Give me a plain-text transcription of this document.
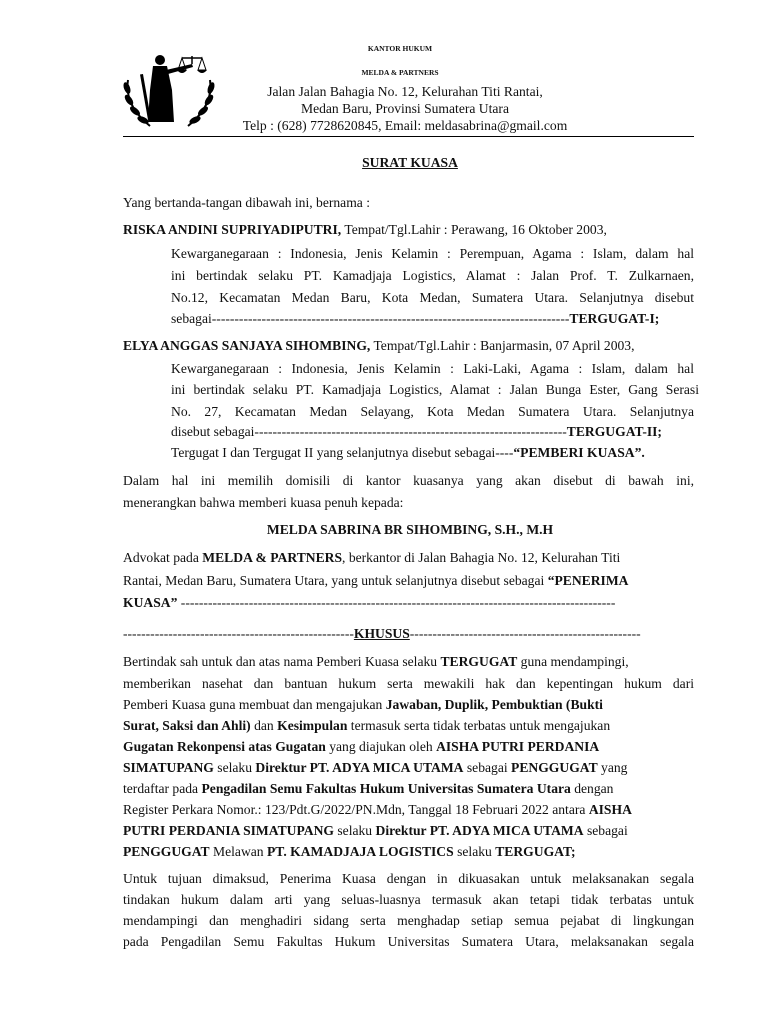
KANTOR HUKUM
MELDA & PARTNERS
Jalan Jalan Bahagia No. 12, Kelurahan Titi Rantai,
Medan Baru, Provinsi Sumatera Utara
Telp : (628) 7728620845, Email: meldasabrina@gmail.com
SURAT KUASA
Yang bertanda-tangan dibawah ini, bernama :
RISKA ANDINI SUPRIYADIPUTRI, Tempat/Tgl.Lahir : Perawang, 16 Oktober 2003,
Kewarganegaraan : Indonesia, Jenis Kelamin : Perempuan, Agama : Islam, dalam hal
ini bertindak selaku PT. Kamadjaja Logistics, Alamat : Jalan Prof. T. Zulkarnaen,
No.12, Kecamatan Medan Baru, Kota Medan, Sumatera Utara. Selanjutnya disebut
sebagai-------------------------------------------------------------------------------TERGUGAT-I;
ELYA ANGGAS SANJAYA SIHOMBING, Tempat/Tgl.Lahir : Banjarmasin, 07 April 2003,
Kewarganegaraan : Indonesia, Jenis Kelamin : Laki-Laki, Agama : Islam, dalam hal
ini bertindak selaku PT. Kamadjaja Logistics, Alamat : Jalan Bunga Ester, Gang Serasi
No. 27, Kecamatan Medan Selayang, Kota Medan Sumatera Utara. Selanjutnya
disebut sebagai---------------------------------------------------------------------TERGUGAT-II;
Tergugat I dan Tergugat II yang selanjutnya disebut sebagai----“PEMBERI KUASA”.
Dalam hal ini memilih domisili di kantor kuasanya yang akan disebut di bawah ini,
menerangkan bahwa memberi kuasa penuh kepada:
MELDA SABRINA BR SIHOMBING, S.H., M.H
Advokat pada MELDA & PARTNERS, berkantor di Jalan Bahagia No. 12, Kelurahan Titi
Rantai, Medan Baru, Sumatera Utara, yang untuk selanjutnya disebut sebagai “PENERIMA
KUASA” ------------------------------------------------------------------------------------------------
---------------------------------------------------KHUSUS---------------------------------------------------
Bertindak sah untuk dan atas nama Pemberi Kuasa selaku TERGUGAT guna mendampingi,
memberikan nasehat dan bantuan hukum serta mewakili hak dan kepentingan hukum dari
Pemberi Kuasa guna membuat dan mengajukan Jawaban, Duplik, Pembuktian (Bukti
Surat, Saksi dan Ahli) dan Kesimpulan termasuk serta tidak terbatas untuk mengajukan
Gugatan Rekonpensi atas Gugatan yang diajukan oleh AISHA PUTRI PERDANIA
SIMATUPANG selaku Direktur PT. ADYA MICA UTAMA sebagai PENGGUGAT yang
terdaftar pada Pengadilan Semu Fakultas Hukum Universitas Sumatera Utara dengan
Register Perkara Nomor.: 123/Pdt.G/2022/PN.Mdn, Tanggal 18 Februari 2022 antara AISHA
PUTRI PERDANIA SIMATUPANG selaku Direktur PT. ADYA MICA UTAMA sebagai
PENGGUGAT Melawan PT. KAMADJAJA LOGISTICS selaku TERGUGAT;
Untuk tujuan dimaksud, Penerima Kuasa dengan in dikuasakan untuk melaksanakan segala
tindakan hukum dalam arti yang seluas-luasnya termasuk akan tetapi tidak terbatas untuk
mendampingi dan menghadiri sidang serta menghadap setiap semua pejabat di lingkungan
pada Pengadilan Semu Fakultas Hukum Universitas Sumatera Utara, melaksanakan segala
